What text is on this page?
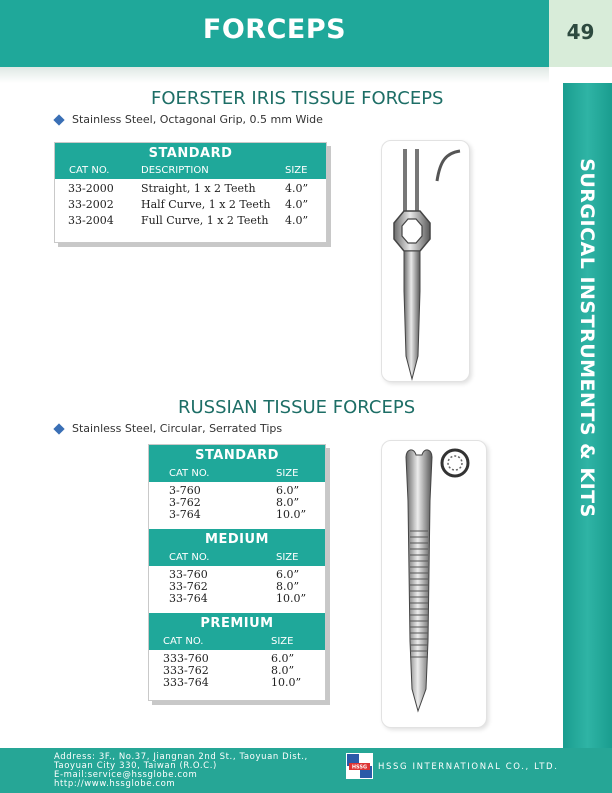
FORCEPS	49
SURGICAL INSTRUMENTS & KITS
FOERSTER IRIS TISSUE FORCEPS
Stainless Steel, Octagonal Grip, 0.5 mm Wide
STANDARD
CAT NO.	DESCRIPTION	SIZE
33-2000 Straight, 1 x 2 Teeth	4.0”
33-2002 Half Curve, 1 x 2 Teeth 4.0”
33-2004 Full Curve, 1 x 2 Teeth 4.0”
RUSSIAN TISSUE FORCEPS
Stainless Steel, Circular, Serrated Tips
STANDARD
CAT NO.	SIZE
3-760	6.0”
3-762	8.0”
3-764	10.0”
MEDIUM
CAT NO.	SIZE
33-760	6.0”
33-762	8.0”
33-764	10.0”
PREMIUM
CAT NO.	SIZE
333-760	6.0”
333-762	8.0”
333-764	10.0”
Address: 3F., No.37, Jiangnan 2nd St., Taoyuan Dist.,
Taoyuan City 330, Taiwan (R.O.C.)
E-mail:service@hssglobe.com
http://www.hssglobe.com
HSSG HSSG INTERNATIONAL CO., LTD.
